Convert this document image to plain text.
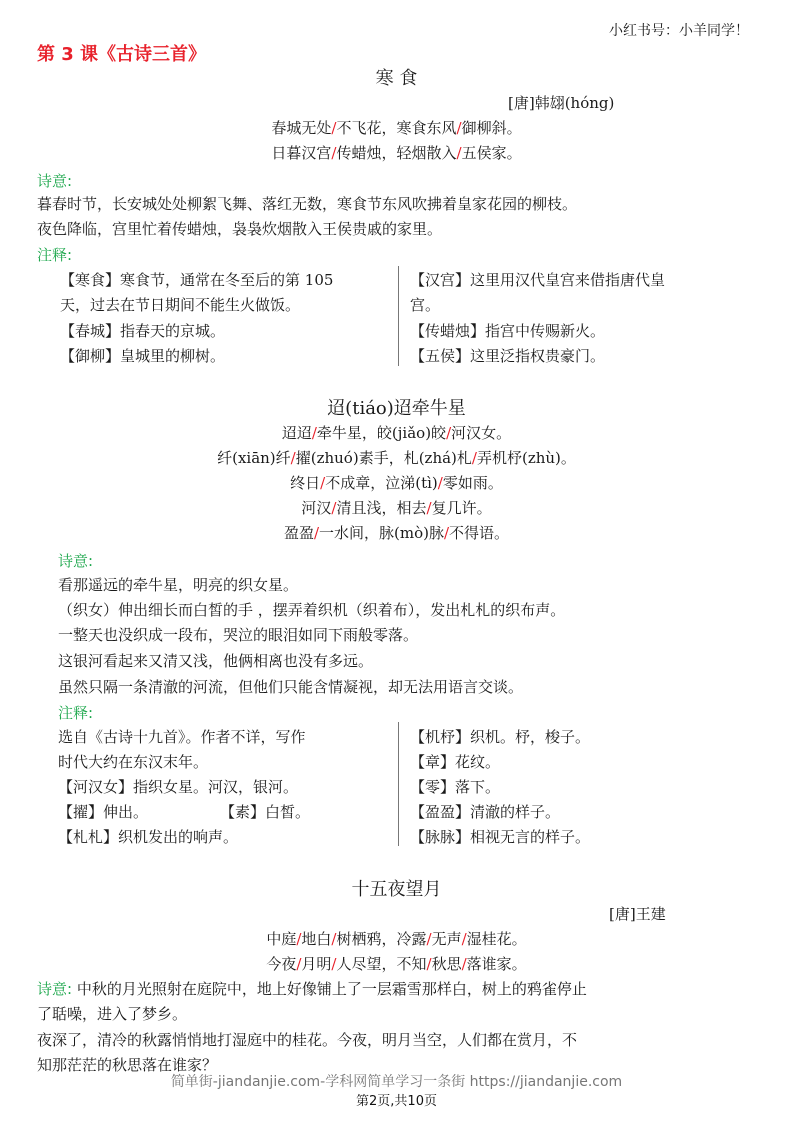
小红书号：小羊同学！
第 3 课《古诗三首》
寒 食
[唐]韩翃(hóng)
春城无处/不飞花，寒食东风/御柳斜。
日暮汉宫/传蜡烛，轻烟散入/五侯家。
诗意:
暮春时节，长安城处处柳絮飞舞、落红无数，寒食节东风吹拂着皇家花园的柳枝。
夜色降临，宫里忙着传蜡烛，袅袅炊烟散入王侯贵戚的家里。
注释:
【寒食】寒食节，通常在冬至后的第 105
天，过去在节日期间不能生火做饭。
【春城】指春天的京城。
【御柳】皇城里的柳树。
【汉宫】这里用汉代皇宫来借指唐代皇
宫。
【传蜡烛】指宫中传赐新火。
【五侯】这里泛指权贵豪门。
迢(tiáo)迢牵牛星
迢迢/牵牛星，皎(jiǎo)皎/河汉女。
纤(xiān)纤/擢(zhuó)素手，札(zhá)札/弄机杼(zhù)。
终日/不成章，泣涕(tì)/零如雨。
河汉/清且浅，相去/复几许。
盈盈/一水间，脉(mò)脉/不得语。
诗意:
看那遥远的牵牛星，明亮的织女星。
（织女）伸出细长而白皙的手 ，摆弄着织机（织着布），发出札札的织布声。
一整天也没织成一段布，哭泣的眼泪如同下雨般零落。
这银河看起来又清又浅，他俩相离也没有多远。
虽然只隔一条清澈的河流，但他们只能含情凝视，却无法用语言交谈。
注释:
选自《古诗十九首》。作者不详，写作
时代大约在东汉末年。
【河汉女】指织女星。河汉，银河。
【擢】伸出。	【素】白皙。
【札札】织机发出的响声。
【机杼】织机。杼，梭子。
【章】花纹。
【零】落下。
【盈盈】清澈的样子。
【脉脉】相视无言的样子。
十五夜望月
[唐]王建
中庭/地白/树栖鸦，冷露/无声/湿桂花。
今夜/月明/人尽望，不知/秋思/落谁家。
诗意: 中秋的月光照射在庭院中，地上好像铺上了一层霜雪那样白，树上的鸦雀停止
了聒噪，进入了梦乡。
夜深了，清冷的秋露悄悄地打湿庭中的桂花。今夜，明月当空，人们都在赏月，不
知那茫茫的秋思落在谁家？
简单街-jiandanjie.com-学科网简单学习一条街 https://jiandanjie.com
第2页,共10页
